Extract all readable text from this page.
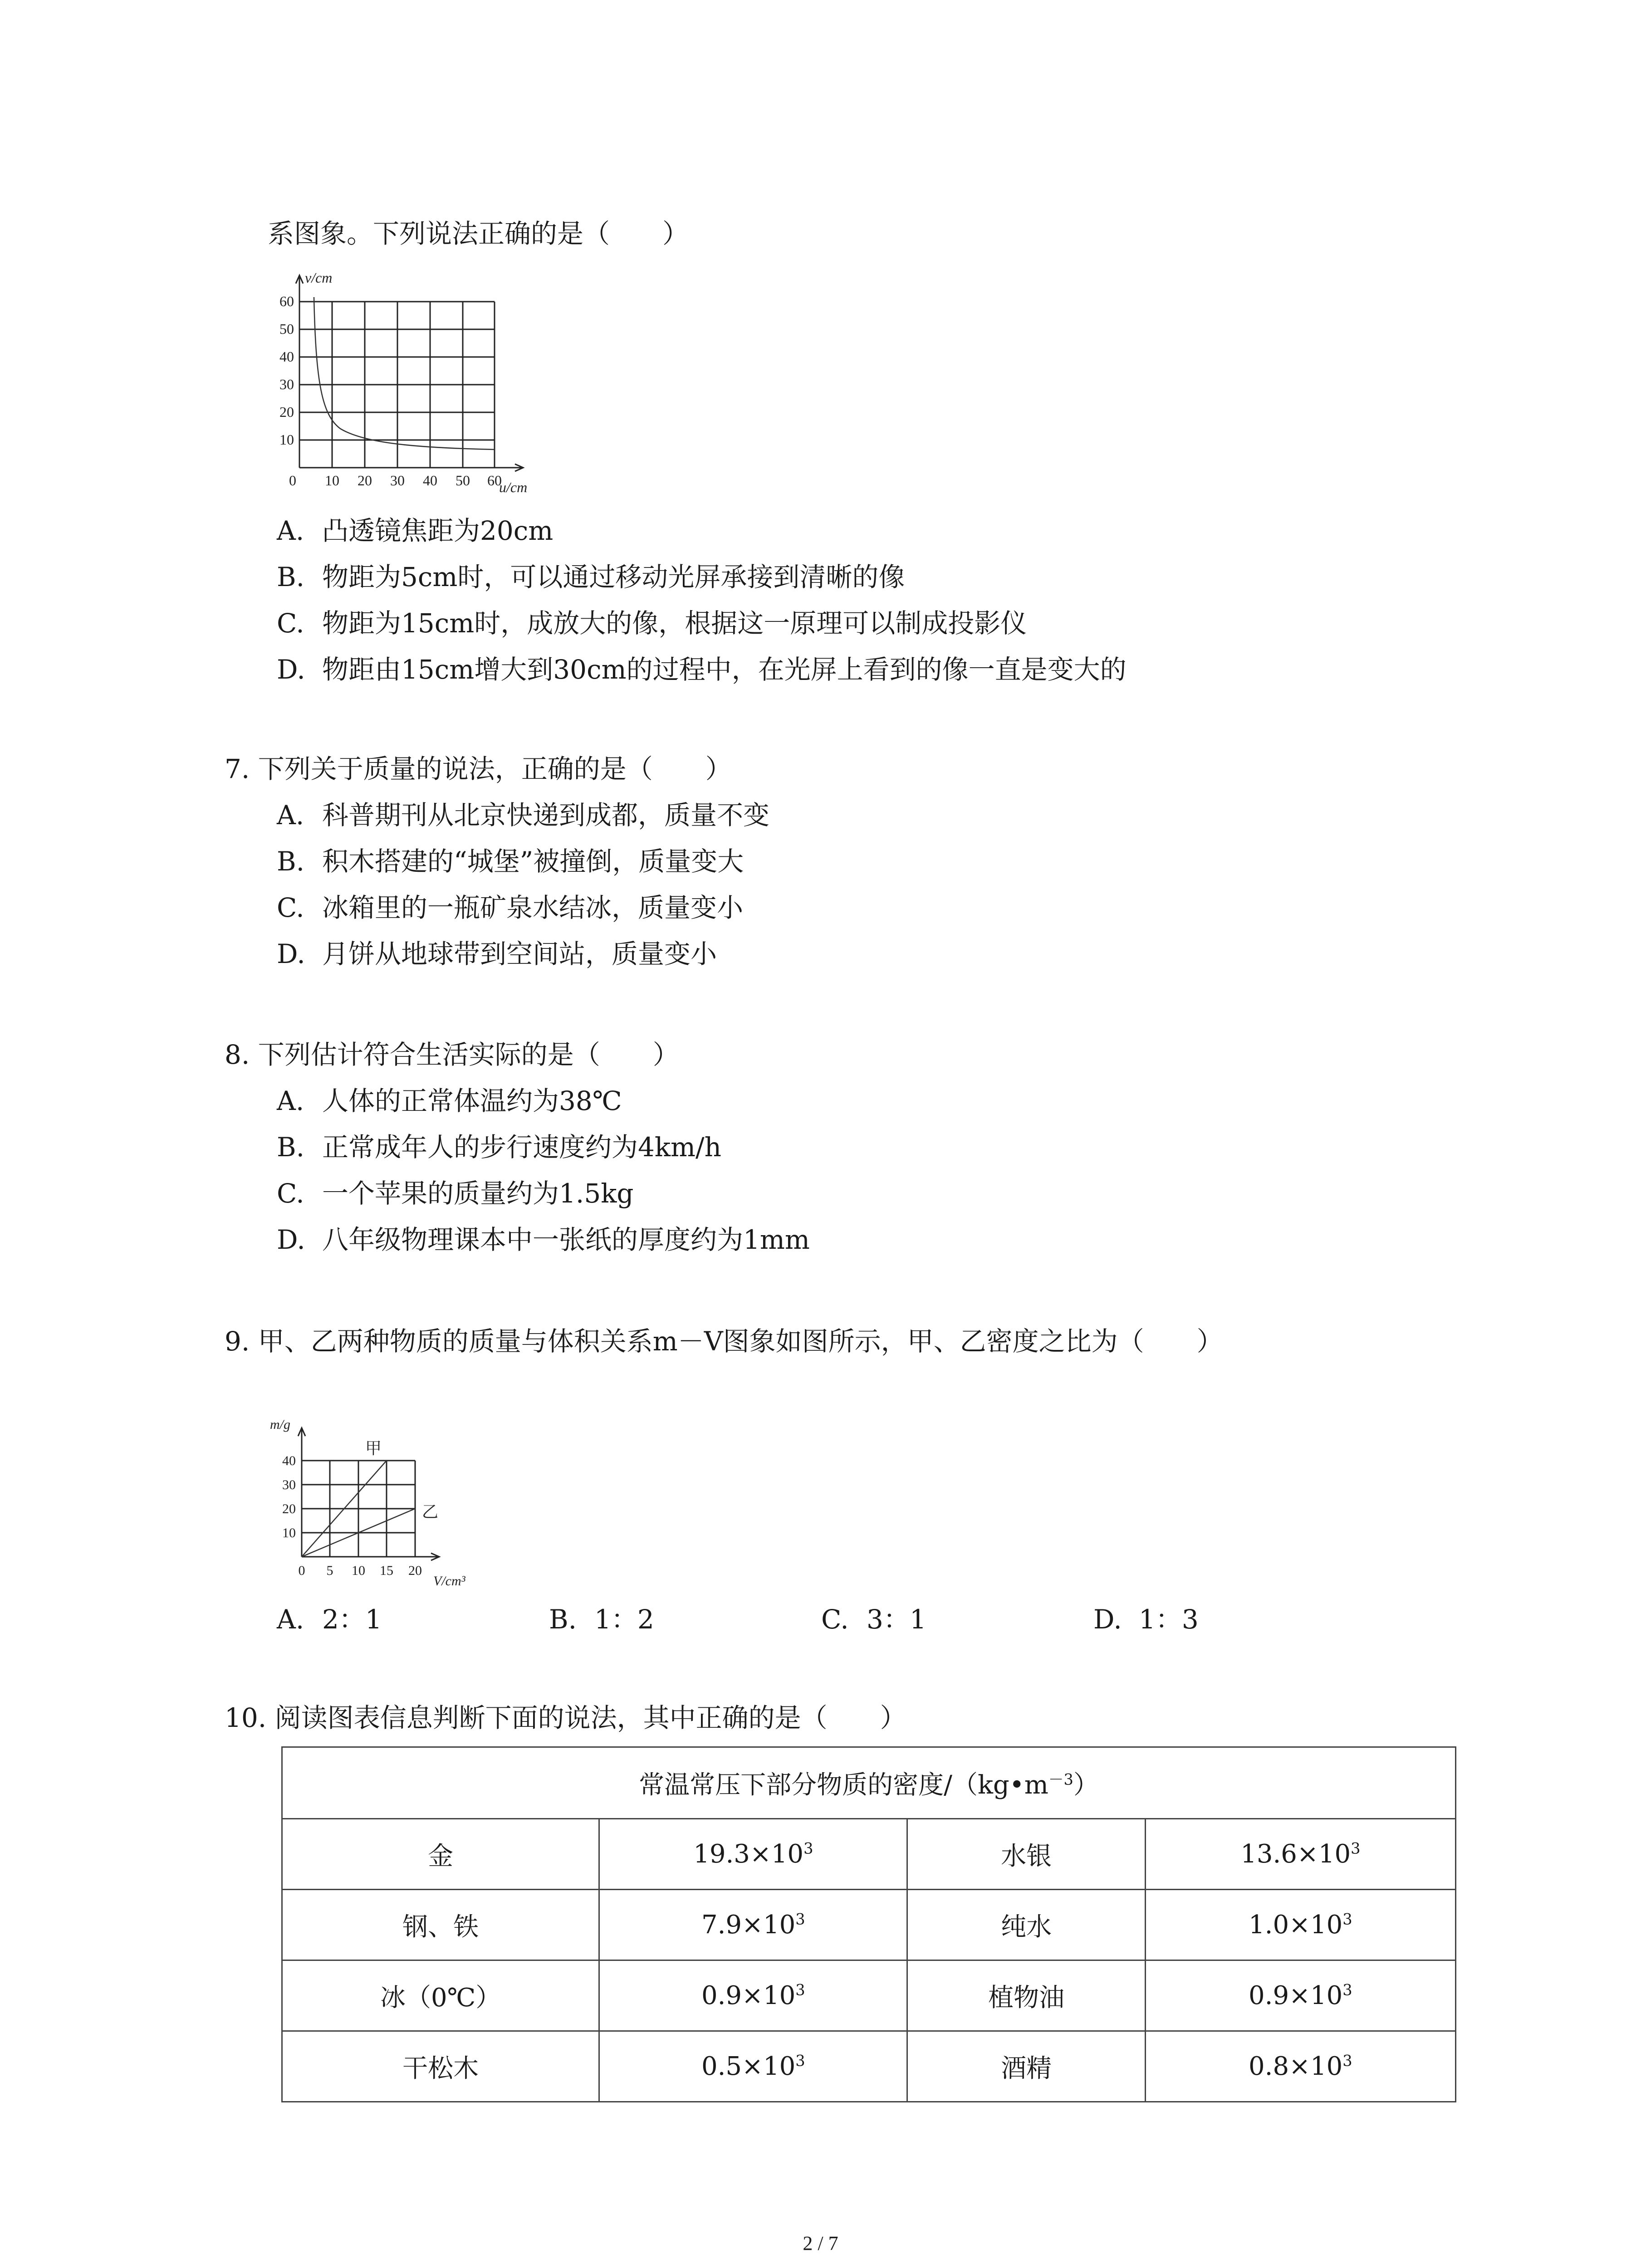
系图象。下列说法正确的是（　　）
v/cm
u/cm
60
50
40
30
20
10
0 10 20 30 40 50 60
A. 凸透镜焦距为20cm
B. 物距为5cm时，可以通过移动光屏承接到清晰的像
C. 物距为15cm时，成放大的像，根据这一原理可以制成投影仪
D. 物距由15cm增大到30cm的过程中，在光屏上看到的像一直是变大的
7. 下列关于质量的说法，正确的是（　　）
A. 科普期刊从北京快递到成都，质量不变
B. 积木搭建的“城堡”被撞倒，质量变大
C. 冰箱里的一瓶矿泉水结冰，质量变小
D. 月饼从地球带到空间站，质量变小
8. 下列估计符合生活实际的是（　　）
A. 人体的正常体温约为38℃
B. 正常成年人的步行速度约为4km/h
C. 一个苹果的质量约为1.5kg
D. 八年级物理课本中一张纸的厚度约为1mm
9. 甲、乙两种物质的质量与体积关系m－V图象如图所示，甲、乙密度之比为（　　）
m/g
V/cm³
甲
乙
40
30
20
10
0 5 10 15 20
A. 2：1	B. 1：2	C. 3：1	D. 1：3
10. 阅读图表信息判断下面的说法，其中正确的是（　　）
常温常压下部分物质的密度$/(kg•m^{-3})$			
金	$19.3\times 10^3$	水银	$13.6\times 10^3$
钢、铁	$7.9\times 10^3$	纯水	$1.0\times 10^3$
冰（0℃）	$0.9\times 10^3$	植物油	$0.9\times 10^3$
干松木	$0.5\times 10^3$	酒精	$0.8\times 10^3$
2 / 7
